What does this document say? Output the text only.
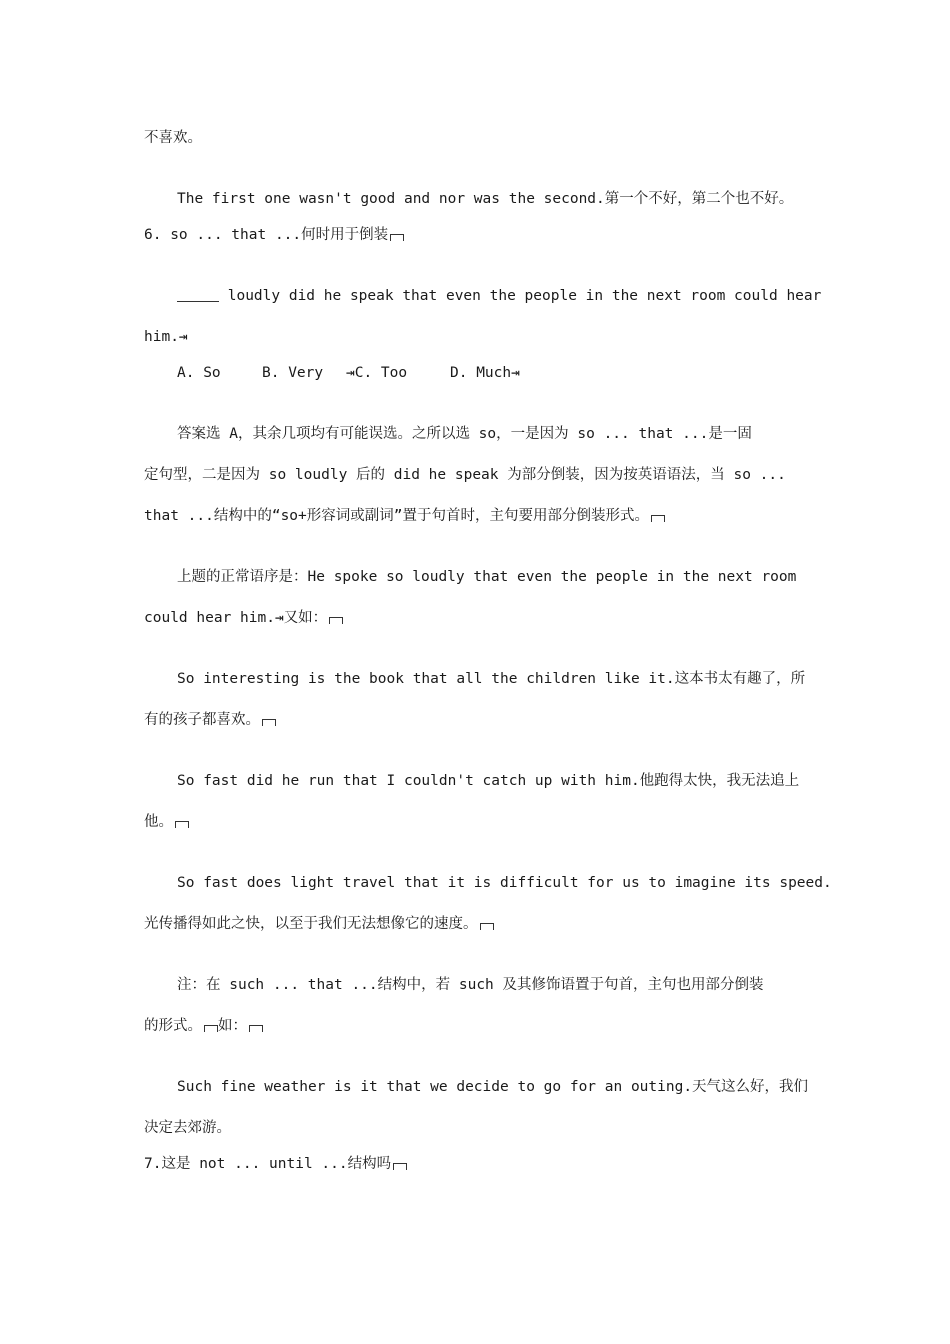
不喜欢。
The first one wasn't good and nor was the second.第一个不好，第二个也不好。
6. so ... that ...何时用于倒装
loudly did he speak that even the people in the next room could hear
him.⇥
A. So	B. Very ⇥C. Too	D. Much⇥
答案选 A，其余几项均有可能误选。之所以选 so，一是因为 so ... that ...是一固
定句型，二是因为 so loudly 后的 did he speak 为部分倒装，因为按英语语法，当 so ...
that ...结构中的“so+形容词或副词”置于句首时，主句要用部分倒装形式。
上题的正常语序是：He spoke so loudly that even the people in the next room
could hear him.⇥又如：
So interesting is the book that all the children like it.这本书太有趣了，所
有的孩子都喜欢。
So fast did he run that I couldn't catch up with him.他跑得太快，我无法追上
他。
So fast does light travel that it is difficult for us to imagine its speed.
光传播得如此之快，以至于我们无法想像它的速度。
注：在 such ... that ...结构中，若 such 及其修饰语置于句首，主句也用部分倒装
的形式。 如：
Such fine weather is it that we decide to go for an outing.天气这么好，我们
决定去郊游。
7.这是 not ... until ...结构吗
